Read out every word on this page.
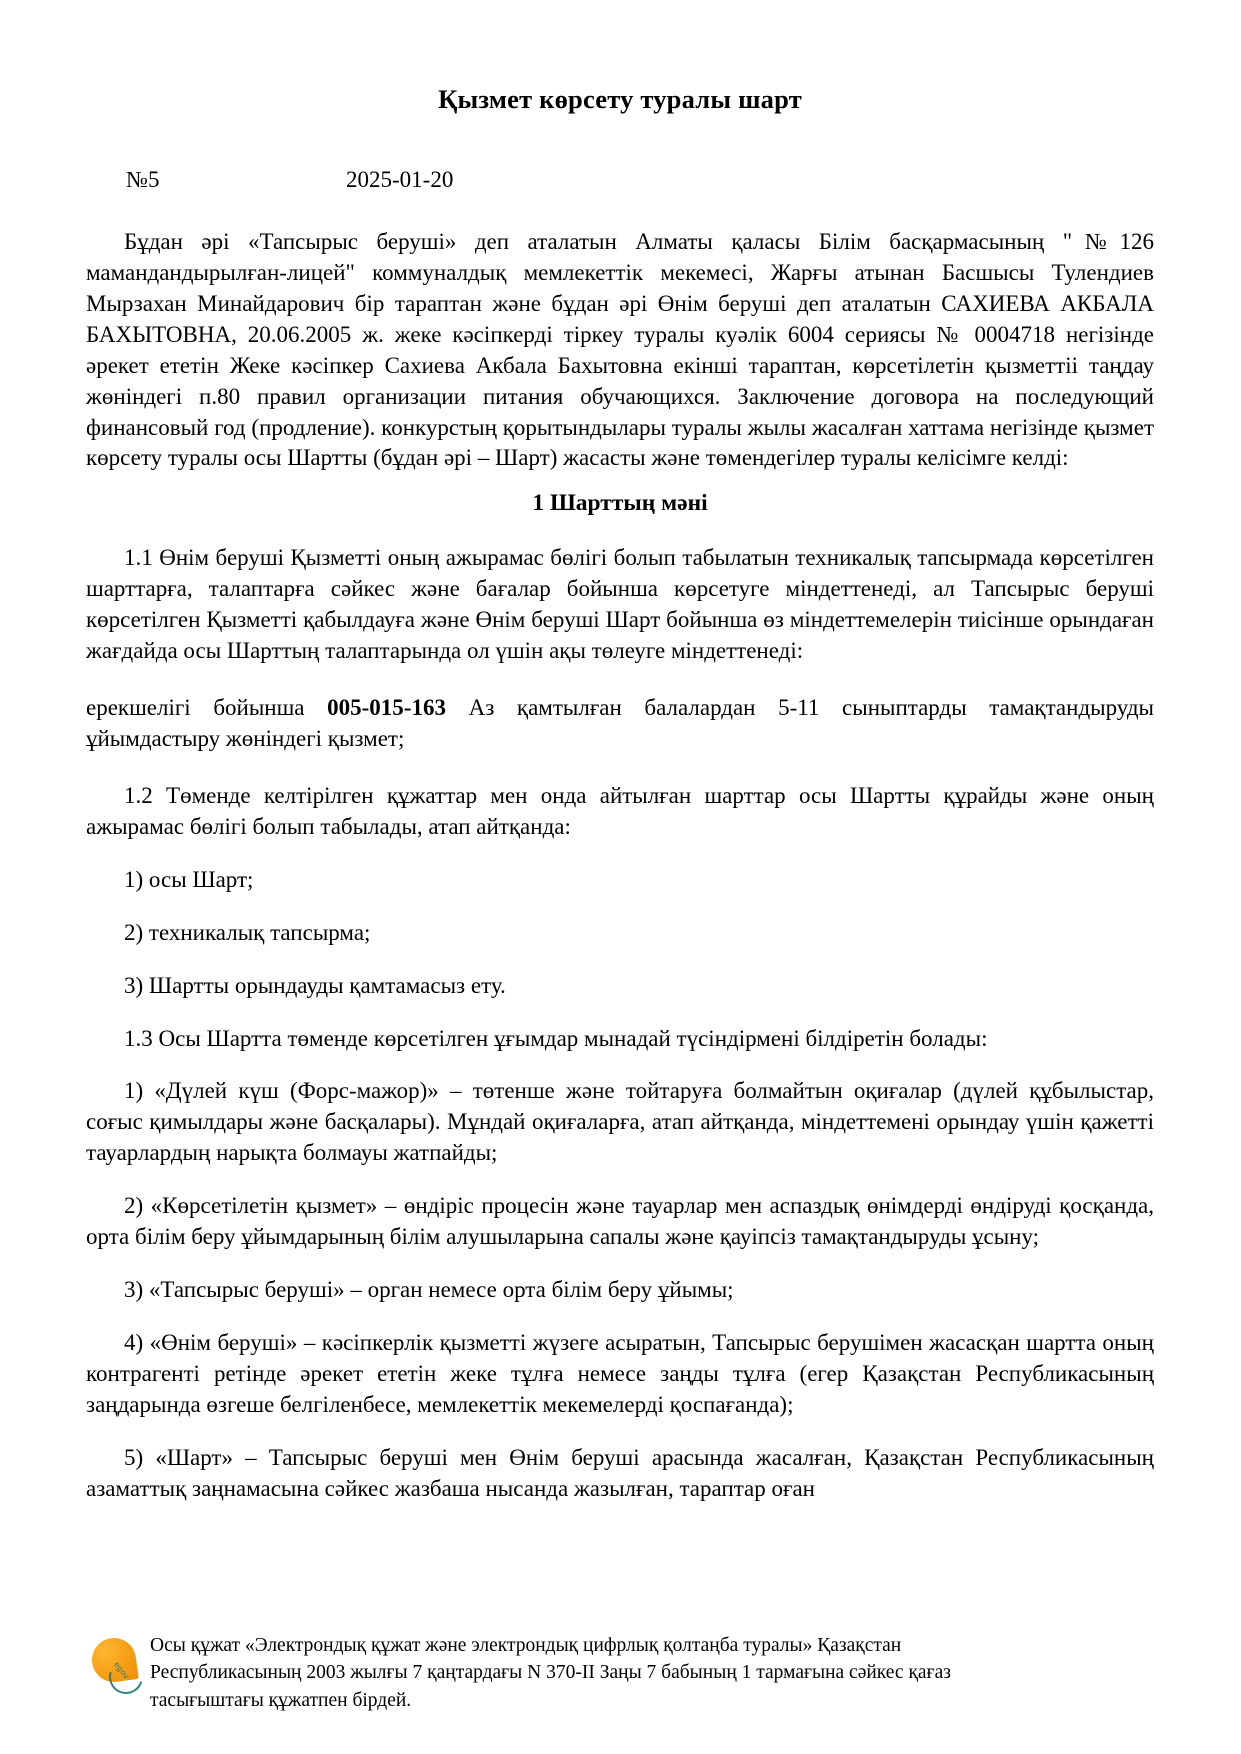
Қызмет көрсету туралы шарт
№5	2025-01-20

Бұдан әрі «Тапсырыс беруші» деп аталатын Алматы қаласы Білім басқармасының "№126 мамандандырылған-лицей" коммуналдық мемлекеттік мекемесі, Жарғы атынан Басшысы Тулендиев Мырзахан Минайдарович бір тараптан және бұдан әрі Өнім беруші деп аталатын САХИЕВА АКБАЛА БАХЫТОВНА, 20.06.2005 ж. жеке кәсіпкерді тіркеу туралы куәлік 6004 сериясы № 0004718 негізінде әрекет ететін Жеке кәсіпкер Сахиева Акбала Бахытовна екінші тараптан, көрсетілетін қызметтіі таңдау жөніндегі п.80 правил организации питания обучающихся. Заключение договора на последующий финансовый год (продление). конкурстың қорытындылары туралы жылы жасалған хаттама негізінде қызмет көрсету туралы осы Шартты (бұдан әрі – Шарт) жасасты және төмендегілер туралы келісімге келді:

1 Шарттың мәні

1.1 Өнім беруші Қызметті оның ажырамас бөлігі болып табылатын техникалық тапсырмада көрсетілген шарттарға, талаптарға сәйкес және бағалар бойынша көрсетуге міндеттенеді, ал Тапсырыс беруші көрсетілген Қызметті қабылдауға және Өнім беруші Шарт бойынша өз міндеттемелерін тиісінше орындаған жағдайда осы Шарттың талаптарында ол үшін ақы төлеуге міндеттенеді:

ерекшелігі бойынша 005-015-163 Аз қамтылған балалардан 5-11 сыныптарды тамақтандыруды ұйымдастыру жөніндегі қызмет;

1.2 Төменде келтірілген құжаттар мен онда айтылған шарттар осы Шартты құрайды және оның ажырамас бөлігі болып табылады, атап айтқанда:

1) осы Шарт;

2) техникалық тапсырма;

3) Шартты орындауды қамтамасыз ету.

1.3 Осы Шартта төменде көрсетілген ұғымдар мынадай түсіндірмені білдіретін болады:

1) «Дүлей күш (Форс-мажор)» – төтенше және тойтаруға болмайтын оқиғалар (дүлей құбылыстар, соғыс қимылдары және басқалары). Мұндай оқиғаларға, атап айтқанда, міндеттемені орындау үшін қажетті тауарлардың нарықта болмауы жатпайды;

2) «Көрсетілетін қызмет» – өндіріс процесін және тауарлар мен аспаздық өнімдерді өндіруді қосқанда, орта білім беру ұйымдарының білім алушыларына сапалы және қауіпсіз тамақтандыруды ұсыну;

3) «Тапсырыс беруші» – орган немесе орта білім беру ұйымы;

4) «Өнім беруші» – кәсіпкерлік қызметті жүзеге асыратын, Тапсырыс берушімен жасасқан шартта оның контрагенті ретінде әрекет ететін жеке тұлға немесе заңды тұлға (егер Қазақстан Республикасының заңдарында өзгеше белгіленбесе, мемлекеттік мекемелерді қоспағанда);

5) «Шарт» – Тапсырыс беруші мен Өнім беруші арасында жасалған, Қазақстан Республикасының азаматтық заңнамасына сәйкес жазбаша нысанда жазылған, тараптар оған

egov
Осы құжат «Электрондық құжат және электрондық цифрлық қолтаңба туралы» Қазақстан
Республикасының 2003 жылғы 7 қаңтардағы N 370-II Заңы 7 бабының 1 тармағына сәйкес қағаз
тасығыштағы құжатпен бірдей.
